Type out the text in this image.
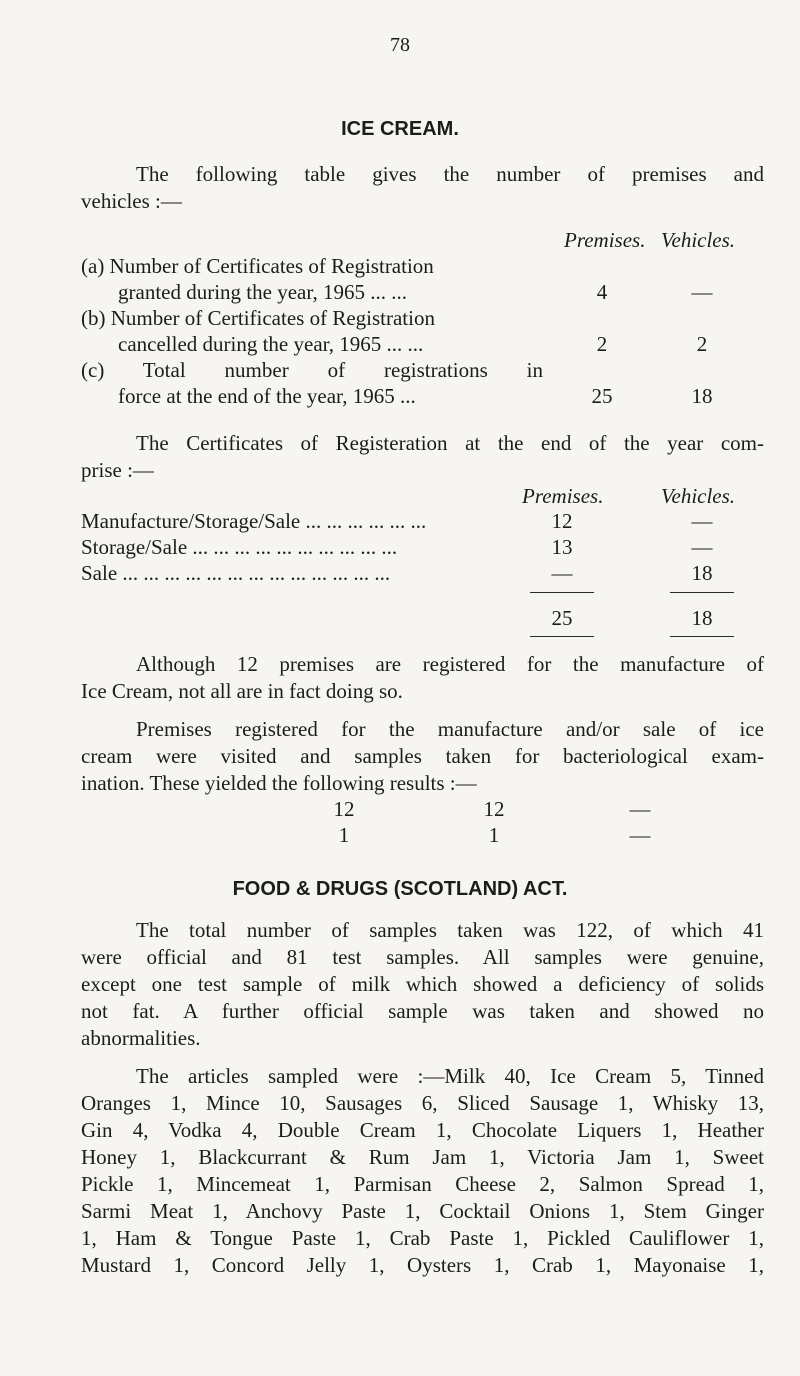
78
ICE CREAM.
The following table gives the number of premises and
vehicles :—
Premises. Vehicles.
(a) Number of Certificates of Registration
granted during the year, 1965 ... ...	4	—
(b) Number of Certificates of Registration
cancelled during the year, 1965 ... ...	2	2
(c) Total number of registrations in
force at the end of the year, 1965 ...	25	18
The Certificates of Registeration at the end of the year com-
prise :—
Premises.	Vehicles.
Manufacture/Storage/Sale ... ... ... ... ... ...	12	—
Storage/Sale ... ... ... ... ... ... ... ... ... ...	13	—
Sale ... ... ... ... ... ... ... ... ... ... ... ... ...	—	18
25	18
Although 12 premises are registered for the manufacture of
Ice Cream, not all are in fact doing so.
Premises registered for the manufacture and/or sale of ice
cream were visited and samples taken for bacteriological exam-
ination. These yielded the following results :—
12	12	—
1	1	—
FOOD & DRUGS (SCOTLAND) ACT.
The total number of samples taken was 122, of which 41
were official and 81 test samples. All samples were genuine,
except one test sample of milk which showed a deficiency of solids
not fat. A further official sample was taken and showed no
abnormalities.
The articles sampled were :—Milk 40, Ice Cream 5, Tinned
Oranges 1, Mince 10, Sausages 6, Sliced Sausage 1, Whisky 13,
Gin 4, Vodka 4, Double Cream 1, Chocolate Liquers 1, Heather
Honey 1, Blackcurrant & Rum Jam 1, Victoria Jam 1, Sweet
Pickle 1, Mincemeat 1, Parmisan Cheese 2, Salmon Spread 1,
Sarmi Meat 1, Anchovy Paste 1, Cocktail Onions 1, Stem Ginger
1, Ham & Tongue Paste 1, Crab Paste 1, Pickled Cauliflower 1,
Mustard 1, Concord Jelly 1, Oysters 1, Crab 1, Mayonaise 1,
